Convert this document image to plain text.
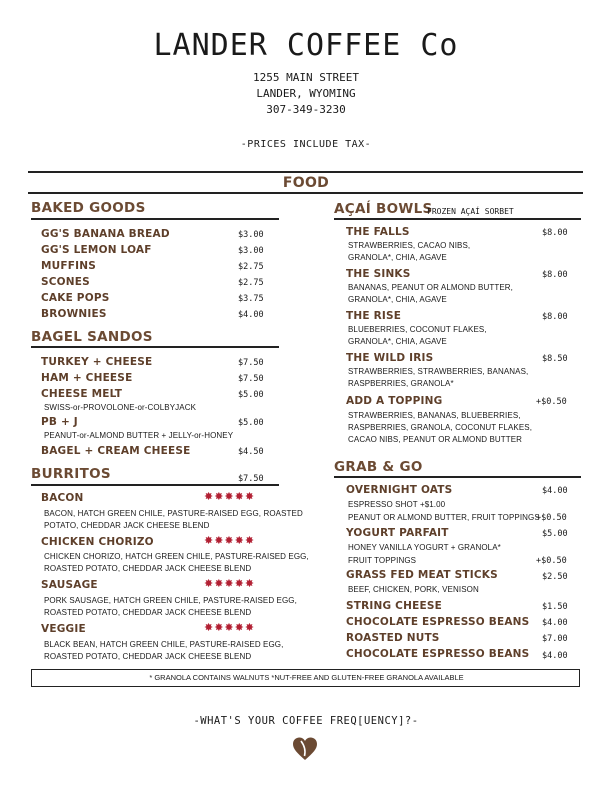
LANDER COFFEE Co
1255 MAIN STREET
LANDER, WYOMING
307-349-3230
-PRICES INCLUDE TAX-
FOOD
BAKED GOODS
GG'S BANANA BREAD	$3.00
GG'S LEMON LOAF	$3.00
MUFFINS	$2.75
SCONES	$2.75
CAKE POPS	$3.75
BROWNIES	$4.00
BAGEL SANDOS
TURKEY + CHEESE	$7.50
HAM + CHEESE	$7.50
CHEESE MELT	$5.00
SWISS-or-PROVOLONE-or-COLBYJACK
PB + J	$5.00
PEANUT-or-ALMOND BUTTER + JELLY-or-HONEY
BAGEL + CREAM CHEESE	$4.50
BURRITOS	$7.50
BACON	✸✸✸✸✸
BACON, HATCH GREEN CHILE, PASTURE-RAISED EGG, ROASTED
POTATO, CHEDDAR JACK CHEESE BLEND
CHICKEN CHORIZO	✸✸✸✸✸
CHICKEN CHORIZO, HATCH GREEN CHILE, PASTURE-RAISED EGG,
ROASTED POTATO, CHEDDAR JACK CHEESE BLEND
SAUSAGE	✸✸✸✸✸
PORK SAUSAGE, HATCH GREEN CHILE, PASTURE-RAISED EGG,
ROASTED POTATO, CHEDDAR JACK CHEESE BLEND
VEGGIE	✸✸✸✸✸
BLACK BEAN, HATCH GREEN CHILE, PASTURE-RAISED EGG,
ROASTED POTATO, CHEDDAR JACK CHEESE BLEND
AÇAÍ BOWLS
FROZEN AÇAÍ SORBET
THE FALLS	$8.00
STRAWBERRIES, CACAO NIBS,
GRANOLA*, CHIA, AGAVE
THE SINKS	$8.00
BANANAS, PEANUT OR ALMOND BUTTER,
GRANOLA*, CHIA, AGAVE
THE RISE	$8.00
BLUEBERRIES, COCONUT FLAKES,
GRANOLA*, CHIA, AGAVE
THE WILD IRIS	$8.50
STRAWBERRIES, STRAWBERRIES, BANANAS,
RASPBERRIES, GRANOLA*
ADD A TOPPING	+$0.50
STRAWBERRIES, BANANAS, BLUEBERRIES,
RASPBERRIES, GRANOLA, COCONUT FLAKES,
CACAO NIBS, PEANUT OR ALMOND BUTTER
GRAB & GO
OVERNIGHT OATS	$4.00
ESPRESSO SHOT +$1.00
PEANUT OR ALMOND BUTTER, FRUIT TOPPINGS
+$0.50
YOGURT PARFAIT	$5.00
HONEY VANILLA YOGURT + GRANOLA*
FRUIT TOPPINGS	+$0.50
GRASS FED MEAT STICKS	$2.50
BEEF, CHICKEN, PORK, VENISON
STRING CHEESE	$1.50
CHOCOLATE ESPRESSO BEANS $4.00
ROASTED NUTS	$7.00
CHOCOLATE ESPRESSO BEANS $4.00
* GRANOLA CONTAINS WALNUTS *NUT-FREE AND GLUTEN-FREE GRANOLA AVAILABLE
-WHAT'S YOUR COFFEE FREQ[UENCY]?-
